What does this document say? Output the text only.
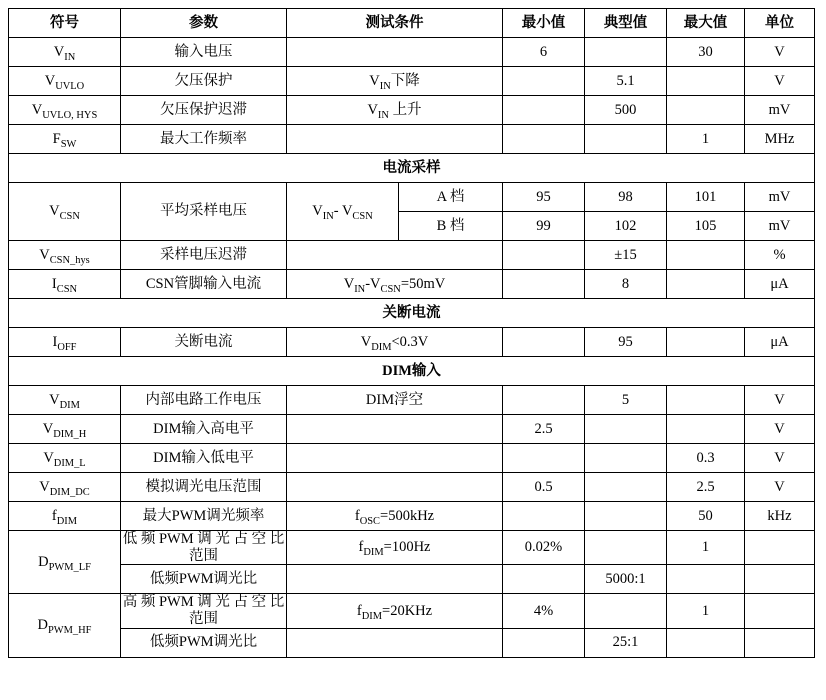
符号	参数	测试条件		最小值	典型值	最大值	单位
$V_{IN}$	输入电压			6		30	V
$V_{UVLO}$	欠压保护	$V_{IN}$下降			5.1		V
$V_{UVLO, HYS}$	欠压保护迟滞	$V_{IN}$ 上升			500		mV
$F_{SW}$	最大工作频率					1	MHz
电流采样							
$V_{CSN}$	平均采样电压	$V_{IN}-$ $V_{CSN}$	A 档	95	98	101	mV
			B 档	99	102	105	mV
$V_{CSN\_hys}$	采样电压迟滞				±15		%
$I_{CSN}$	CSN管脚输入电流	$V_{IN}-V_{CSN}=50mV$			8		μA
关断电流							
$I_{OFF}$	关断电流	$V_{DIM}<0.3V$			95		μA
DIM输入							
$V_{DIM}$	内部电路工作电压	DIM浮空			5		V
$V_{DIM\_H}$	DIM输入高电平			2.5			V
$V_{DIM\_L}$	DIM输入低电平					0.3	V
$V_{DIM\_DC}$	模拟调光电压范围			0.5		2.5	V
$f_{DIM}$	最大PWM调光频率	$f_{OSC}=500kHz$				50	kHz
$D_{PWM\_LF}$	低 频 PWM 调 光 占 空 比范围	$f_{DIM}=100Hz$		0.02%		1	
	低频PWM调光比				5000:1		
$D_{PWM\_HF}$	高 频 PWM 调 光 占 空 比范围	$f_{DIM}=20KHz$		4%		1	
	低频PWM调光比				25:1		
